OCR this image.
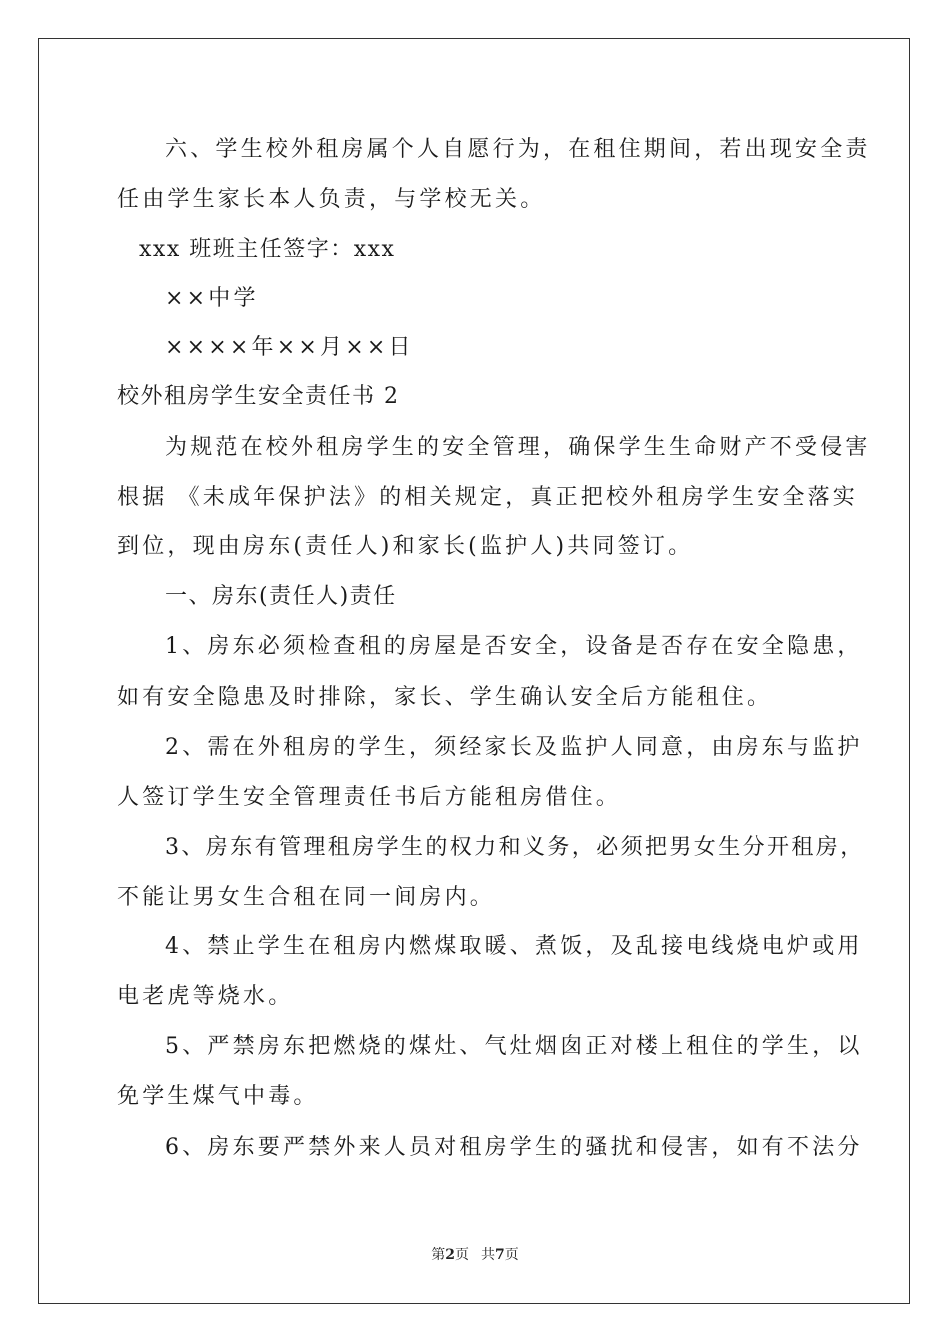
六、学生校外租房属个人自愿行为，在租住期间，若出现安全责
任由学生家长本人负责，与学校无关。
xxx 班班主任签字：xxx
××中学
××××年××月××日
校外租房学生安全责任书 2
为规范在校外租房学生的安全管理，确保学生生命财产不受侵害
根据 《未成年保护法》的相关规定，真正把校外租房学生安全落实
到位，现由房东(责任人)和家长(监护人)共同签订。
一、房东(责任人)责任
1、房东必须检查租的房屋是否安全，设备是否存在安全隐患，
如有安全隐患及时排除，家长、学生确认安全后方能租住。
2、需在外租房的学生，须经家长及监护人同意，由房东与监护
人签订学生安全管理责任书后方能租房借住。
3、房东有管理租房学生的权力和义务，必须把男女生分开租房，
不能让男女生合租在同一间房内。
4、禁止学生在租房内燃煤取暖、煮饭，及乱接电线烧电炉或用
电老虎等烧水。
5、严禁房东把燃烧的煤灶、气灶烟囱正对楼上租住的学生，以
免学生煤气中毒。
6、房东要严禁外来人员对租房学生的骚扰和侵害，如有不法分
第2页 共7页
